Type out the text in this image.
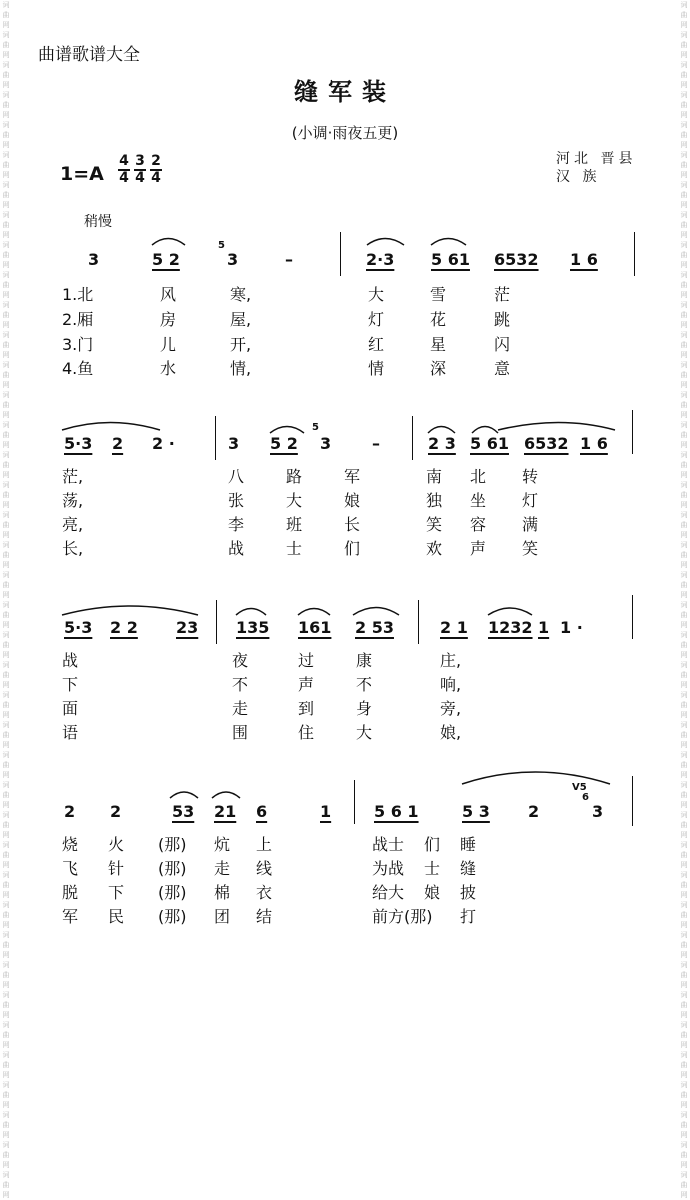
词曲网词曲网词曲网词曲网词曲网词曲网词曲网词曲网词曲网词曲网词曲网词曲网词曲网词曲网词曲网词曲网词曲网词曲网词曲网词曲网词曲网词曲网词曲网词曲网词曲网词曲网词曲网词曲网词曲网词曲网词曲网词曲网词曲网词曲网词曲网词曲网词曲网词曲网词曲网词曲网
词曲网词曲网词曲网词曲网词曲网词曲网词曲网词曲网词曲网词曲网词曲网词曲网词曲网词曲网词曲网词曲网词曲网词曲网词曲网词曲网词曲网词曲网词曲网词曲网词曲网词曲网词曲网词曲网词曲网词曲网词曲网词曲网词曲网词曲网词曲网词曲网词曲网词曲网词曲网词曲网
曲谱歌谱大全
缝军装
(小调·雨夜五更)
$1=A \frac{4}{4} \frac{3}{4} \frac{2}{4}$	河北 晋县
汉 族
稍慢
3	5 2
5
3	–	2·3 5 61 6532 1 6
1.北	风	寒,	大	雪	茫
2.厢	房	屋,	灯	花	跳
3.门	儿	开,	红	星	闪
4.鱼	水	情,	情	深	意
5·3 2 2 ·	3 5 2
5
3	–	2 3 5 61 6532 1 6
茫,	八	路	军	南 北 转
荡,	张	大	娘	独 坐 灯
亮,	李	班	长	笑 容 满
长,	战	士	们	欢 声 笑
5·3 2 2 23 135 161 2 53	2 1 1232 1 1 ·
战	夜	过	康	庄,
下	不	声	不	响,
面	走	到	身	旁,
语	围	住	大	娘,
2 2	53 21 6	1	5 6 1	5 3 2
V5
6
3
烧 火 (那) 炕 上	战士 们 睡
飞 针 (那) 走 线	为战 士 缝
脱 下 (那) 棉 衣	给大 娘 披
军 民 (那) 团 结	前方(那) 打
